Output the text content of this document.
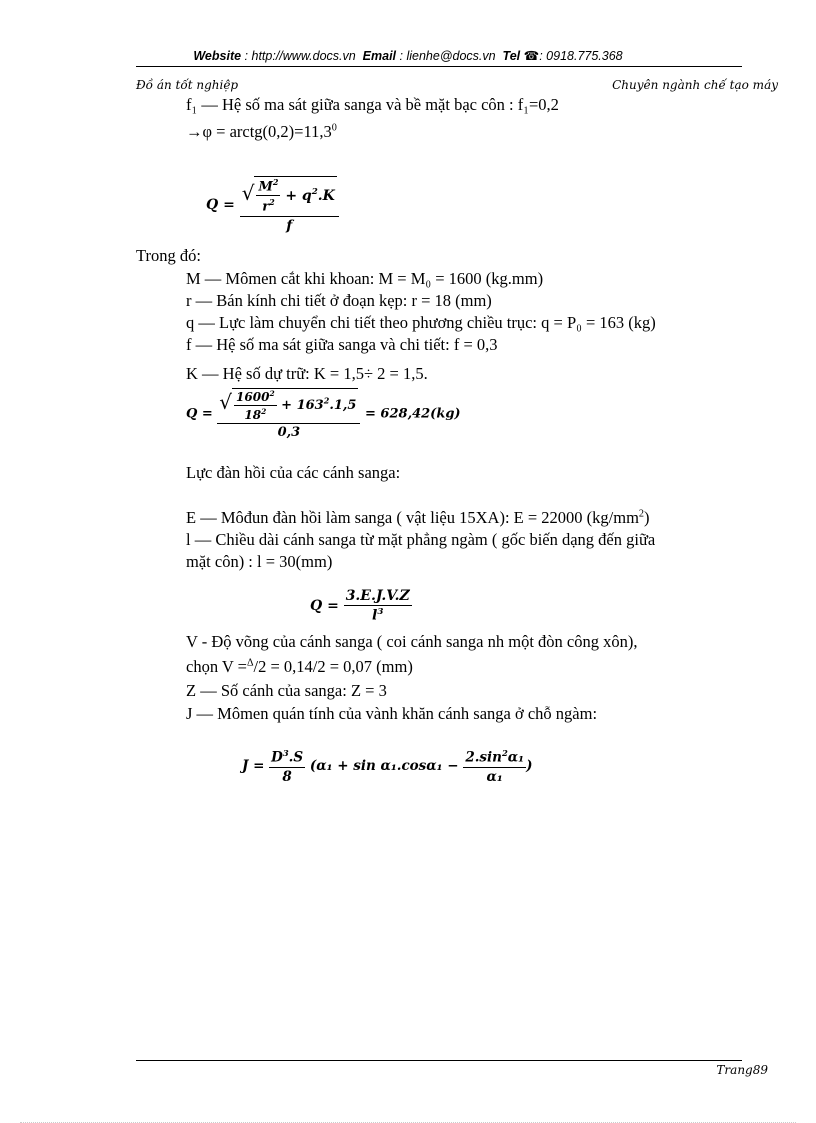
Website : http://www.docs.vn Email : lienhe@docs.vn Tel ☎: 0918.775.368
Đồ án tốt nghiệp	Chuyên ngành chế tạo máy
f₁ — Hệ số ma sát giữa sanga và bề mặt bạc côn : f₁=0,2
$\to\varphi = arctg(0,2)=11,3^0$
$Q = \frac{√ \frac{M^2}{r^2} + q^2.K}{f}$
Trong đó:
M — Mômen cắt khi khoan: M = M₀ = 1600 (kg.mm)
r — Bán kính chi tiết ở đoạn kẹp: r = 18 (mm)
q — Lực làm chuyển chi tiết theo phương chiều trục: q = P₀ = 163 (kg)
f — Hệ số ma sát giữa sanga và chi tiết: f = 0,3
K — Hệ số dự trữ: K = 1,5÷ 2 = 1,5.
$Q = \frac{√ \frac{1600^2}{18^2} + 163^2.1,5}{0,3} = 628,42(kg)$
Lực đàn hồi của các cánh sanga:
E — Môđun đàn hồi làm sanga ( vật liệu 15XA): E = 22000 $(kg/mm^2)$
l — Chiều dài cánh sanga từ mặt phẳng ngàm ( gốc biến dạng đến giữa
mặt côn) : l = 30(mm)
$Q = \frac{3.E.J.V.Z}{l^3}$
V - Độ võng của cánh sanga ( coi cánh sanga nh một đòn công xôn),
chọn V =$^\Delta$/2 = 0,14/2 = 0,07 (mm)
Z — Số cánh của sanga: Z = 3
J — Mômen quán tính của vành khăn cánh sanga ở chỗ ngàm:
$J = \frac{D^3.S}{8} (\alpha_1 + \sin \alpha_1.\cos\alpha_1 - \frac{2.\sin^2\alpha_1}{\text{α₁}}$ )
Trang89
